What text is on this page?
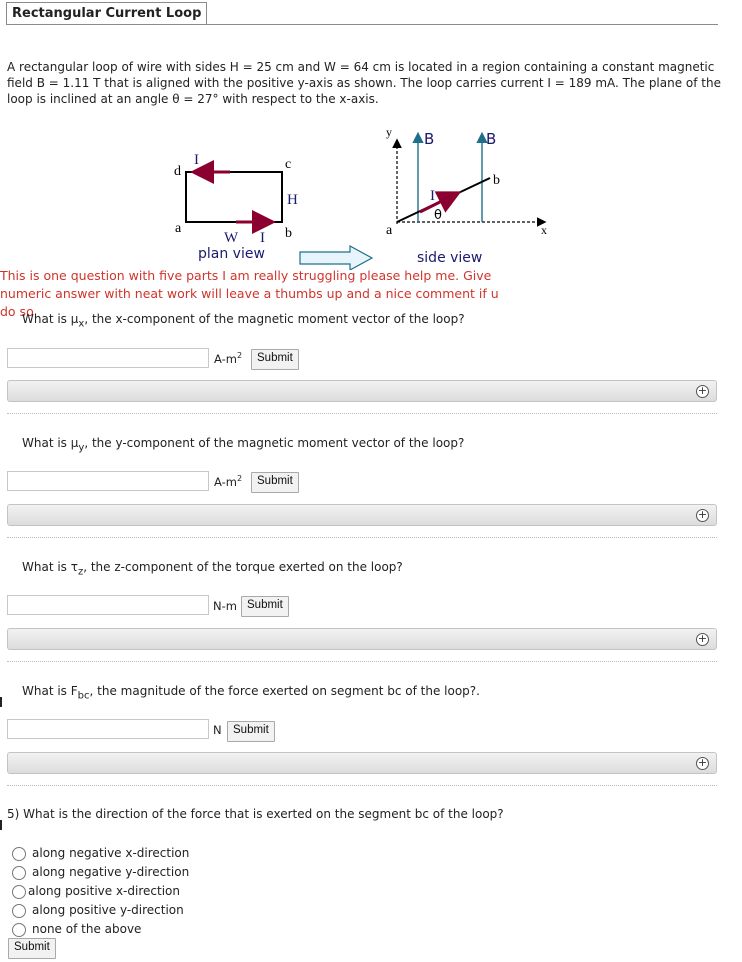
Rectangular Current Loop
A rectangular loop of wire with sides H = 25 cm and W = 64 cm is located in a region containing a constant magnetic field B = 1.11 T that is aligned with the positive y-axis as shown. The loop carries current I = 189 mA. The plane of the loop is inclined at an angle θ = 27° with respect to the x-axis.
d	c
a	b
I
H
W I
plan view
y
x
B	B
I
θ
a
b
side view
This is one question with five parts I am really struggling please help me. Give numeric answer with neat work will leave a thumbs up and a nice comment if u do so
What is $\mu_x$, the x-component of the magnetic moment vector of the loop?
$A-m^2$	Submit
+
What is $\mu_y$, the y-component of the magnetic moment vector of the loop?
$A-m^2$	Submit
+
What is $\tau_z$, the z-component of the torque exerted on the loop?
N-m Submit
+
What is $F_{bc}$, the magnitude of the force exerted on segment bc of the loop?.
N Submit
+
5) What is the direction of the force that is exerted on the segment bc of the loop?
along negative x-direction
along negative y-direction
along positive x-direction
along positive y-direction
none of the above
Submit
